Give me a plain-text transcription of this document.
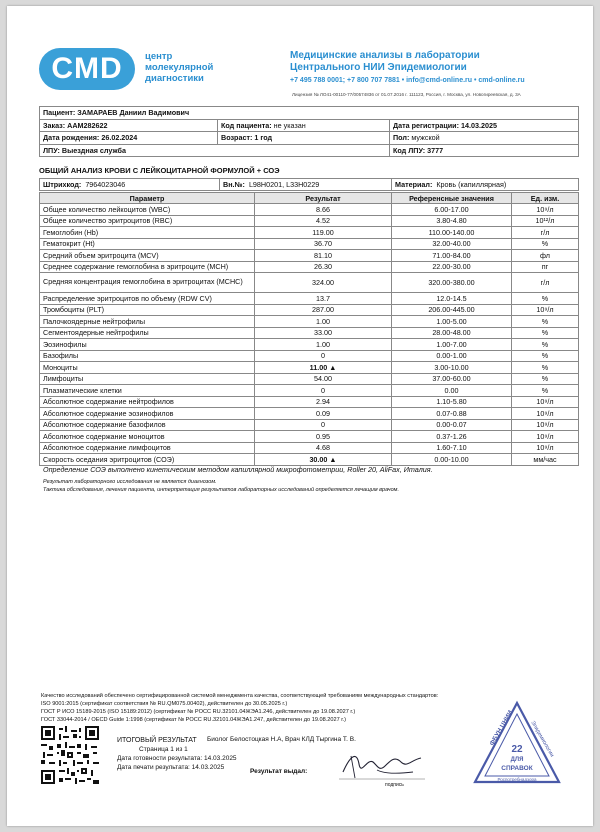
CMD	центр
молекулярной
диагностики
Медицинские анализы в лаборатории
Центрального НИИ Эпидемиологии
+7 495 788 0001; +7 800 707 7881 • info@cmd-online.ru • cmd-online.ru
Лицензия № ЛО41-00110-77/00574836 от 01.07.2016 г. 111123, Россия, г. Москва, ул. Новогиреевская, д. 3А
Пациент: ЗАМАРАЕВ Даниил Вадимович		
Заказ: AAM282622	Код пациента: не указан	Дата регистрации: 14.03.2025
Дата рождения: 26.02.2024	Возраст: 1 год	Пол: мужской
ЛПУ: Выездная служба		Код ЛПУ: 3777
ОБЩИЙ АНАЛИЗ КРОВИ С ЛЕЙКОЦИТАРНОЙ ФОРМУЛОЙ + СОЭ
Штрихкод: 7964023046	Вн.№: L98H0201, L33H0229	Материал: Кровь (капиллярная)
Параметр	Результат	Референсные значения	Ед. изм.
Общее количество лейкоцитов (WBC)	8.66	6.00-17.00	10⁹/л
Общее количество эритроцитов (RBC)	4.52	3.80-4.80	10¹²/л
Гемоглобин (Hb)	119.00	110.00-140.00	г/л
Гематокрит (Ht)	36.70	32.00-40.00	%
Средний объем эритроцита (MCV)	81.10	71.00-84.00	фл
Среднее содержание гемоглобина в эритроците (MCH)	26.30	22.00-30.00	пг
Средняя концентрация гемоглобина в эритроцитах (MCHC)	324.00	320.00-380.00	г/л
Распределение эритроцитов по объему (RDW CV)	13.7	12.0-14.5	%
Тромбоциты (PLT)	287.00	206.00-445.00	10⁹/л
Палочкоядерные нейтрофилы	1.00	1.00-5.00	%
Сегментоядерные нейтрофилы	33.00	28.00-48.00	%
Эозинофилы	1.00	1.00-7.00	%
Базофилы	0	0.00-1.00	%
Моноциты	11.00 ▲	3.00-10.00	%
Лимфоциты	54.00	37.00-60.00	%
Плазматические клетки	0	0.00	%
Абсолютное содержание нейтрофилов	2.94	1.10-5.80	10⁹/л
Абсолютное содержание эозинофилов	0.09	0.07-0.88	10⁹/л
Абсолютное содержание базофилов	0	0.00-0.07	10⁹/л
Абсолютное содержание моноцитов	0.95	0.37-1.26	10⁹/л
Абсолютное содержание лимфоцитов	4.68	1.60-7.10	10⁹/л
Скорость оседания эритроцитов (СОЭ)	30.00 ▲	0.00-10.00	мм/час
Определение СОЭ выполнено кинетическим методом капиллярной микрофотометрии, Roller 20, AliFax, Италия.
Результат лабораторного исследования не является диагнозом.
Тактика обследования, лечения пациента, интерпретация результатов лабораторных исследований определяется лечащим врачом.
Качество исследований обеспечено сертифицированной системой менеджмента качества, соответствующей требованиям международных стандартов:
ISO 9001:2015 (сертификат соответствия № RU.QM075.00402), действителен до 30.05.2025 г.)
ГОСТ Р ИСО 15189-2015 (ISO 15189:2012) (сертификат № POCC RU.32101.04ЖЭА1.246, действителен до 19.08.2027 г.)
ГОСТ 33044-2014 / OECD Guide 1:1998 (сертификат № POCC RU.32101.04ЖЭА1.247, действителен до 19.08.2027 г.)
ИТОГОВЫЙ РЕЗУЛЬТАТ
Страница 1 из 1
Дата готовности результата: 14.03.2025
Дата печати результата: 14.03.2025
Биолог Белостоцкая Н.А, Врач КЛД Тыргина Т. В.
Результат выдал:
подпись
ФБУН ЦНИИ	Эпидемиологии
22
ДЛЯ
СПРАВОК
Роспотребнадзора
